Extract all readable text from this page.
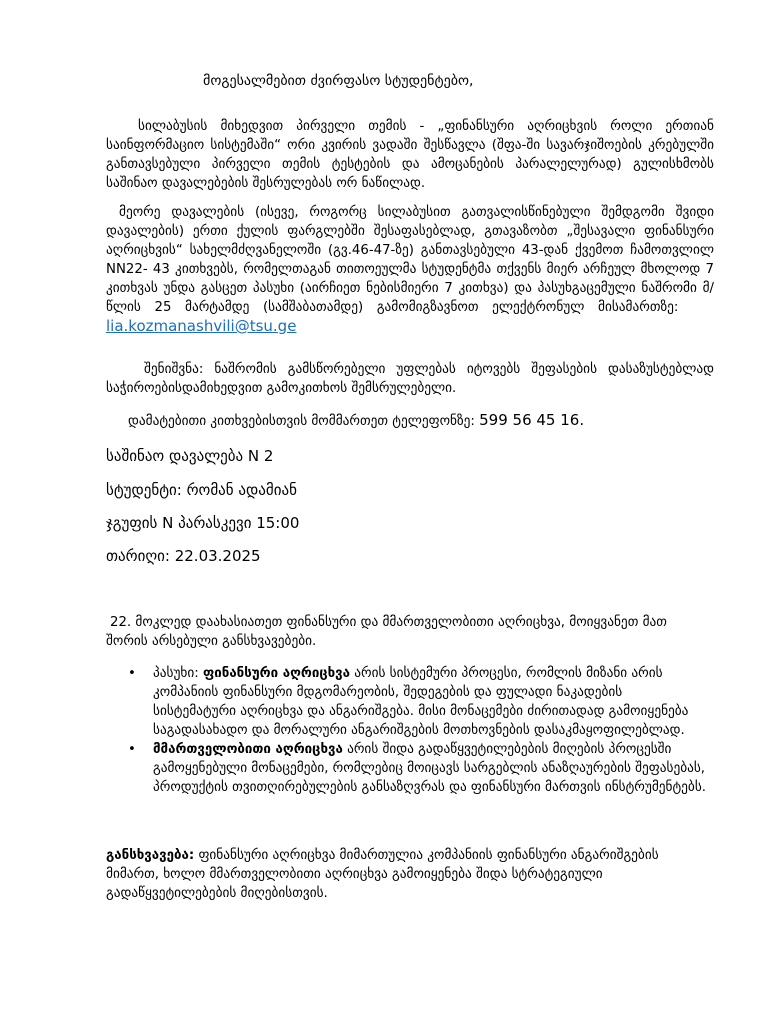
მოგესალმებით ძვირფასო სტუდენტებო,
სილაბუსის მიხედვით პირველი თემის - „ფინანსური აღრიცხვის როლი ერთიან საინფორმაციო სისტემაში“ ორი კვირის ვადაში შესწავლა (შფა-ში სავარჯიშოების კრებულში განთავსებული პირველი თემის ტესტების და ამოცანების პარალელურად) გულისხმობს საშინაო დავალებების შესრულებას ორ ნაწილად.
მეორე დავალების (ისევე, როგორც სილაბუსით გათვალისწინებული შემდგომი შვიდი დავალების) ერთი ქულის ფარგლებში შესაფასებლად, გთავაზობთ „შესავალი ფინანსური აღრიცხვის“ სახელმძღვანელოში (გვ.46-47-ზე) განთავსებული 43-დან ქვემოთ ჩამოთვლილ NN22- 43 კითხვებს, რომელთაგან თითოეულმა სტუდენტმა თქვენს მიერ არჩეულ მხოლოდ 7 კითხვას უნდა გასცეთ პასუხი (აირჩიეთ ნებისმიერი 7 კითხვა) და პასუხგაცემული ნაშრომი მ/წლის 25 მარტამდე (სამშაბათამდე) გამომიგზავნოთ ელექტრონულ მისამართზე:  lia.kozmanashvili@tsu.ge
შენიშვნა: ნაშრომის გამსწორებელი უფლებას იტოვებს შეფასების დასაზუსტებლად საჭიროებისდამიხედვით გამოკითხოს შემსრულებელი.
დამატებითი კითხვებისთვის მომმართეთ ტელეფონზე: 599 56 45 16.
საშინაო დავალება N 2
სტუდენტი: რომან ადამიან
ჯგუფის N პარასკევი 15:00
თარიღი: 22.03.2025
22. მოკლედ დაახასიათეთ ფინანსური და მმართველობითი აღრიცხვა, მოიყვანეთ მათ შორის არსებული განსხვავებები.
•	პასუხი: ფინანსური აღრიცხვა არის სისტემური პროცესი, რომლის მიზანი არის კომპანიის ფინანსური მდგომარეობის, შედეგების და ფულადი ნაკადების სისტემატური აღრიცხვა და ანგარიშგება. მისი მონაცემები ძირითადად გამოიყენება საგადასახადო და მორალური ანგარიშგების მოთხოვნების დასაკმაყოფილებლად.
•	მმართველობითი აღრიცხვა არის შიდა გადაწყვეტილებების მიღების პროცესში გამოყენებული მონაცემები, რომლებიც მოიცავს სარგებლის ანაზღაურების შეფასებას, პროდუქტის თვითღირებულების განსაზღვრას და ფინანსური მართვის ინსტრუმენტებს.
განსხვავება: ფინანსური აღრიცხვა მიმართულია კომპანიის ფინანსური ანგარიშგების მიმართ, ხოლო მმართველობითი აღრიცხვა გამოიყენება შიდა სტრატეგიული გადაწყვეტილებების მიღებისთვის.
